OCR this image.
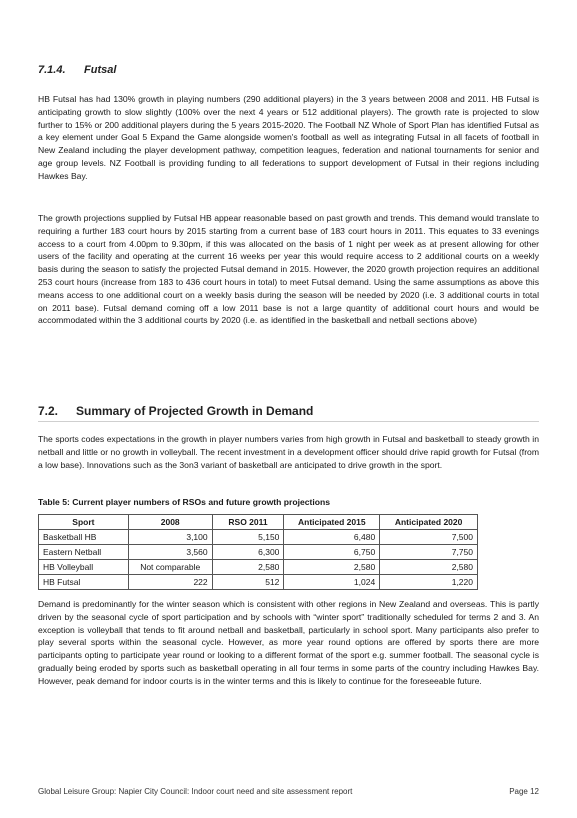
7.1.4. Futsal

HB Futsal has had 130% growth in playing numbers (290 additional players) in the 3 years between 2008 and 2011. HB Futsal is anticipating growth to slow slightly (100% over the next 4 years or 512 additional players). The growth rate is projected to slow further to 15% or 200 additional players during the 5 years 2015-2020. The Football NZ Whole of Sport Plan has identified Futsal as a key element under Goal 5 Expand the Game alongside women's football as well as integrating Futsal in all facets of football in New Zealand including the player development pathway, competition leagues, federation and national tournaments for senior and age group levels. NZ Football is providing funding to all federations to support development of Futsal in their regions including Hawkes Bay.

The growth projections supplied by Futsal HB appear reasonable based on past growth and trends. This demand would translate to requiring a further 183 court hours by 2015 starting from a current base of 183 court hours in 2011. This equates to 33 evenings access to a court from 4.00pm to 9.30pm, if this was allocated on the basis of 1 night per week as at present allowing for other users of the facility and operating at the current 16 weeks per year this would require access to 2 additional courts on a weekly basis during the season to satisfy the projected Futsal demand in 2015. However, the 2020 growth projection requires an additional 253 court hours (increase from 183 to 436 court hours in total) to meet Futsal demand. Using the same assumptions as above this means access to one additional court on a weekly basis during the season will be needed by 2020 (i.e. 3 additional courts in total on 2011 base). Futsal demand coming off a low 2011 base is not a large quantity of additional court hours and would be accommodated within the 3 additional courts by 2020 (i.e. as identified in the basketball and netball sections above)

7.2. Summary of Projected Growth in Demand

The sports codes expectations in the growth in player numbers varies from high growth in Futsal and basketball to steady growth in netball and little or no growth in volleyball. The recent investment in a development officer should drive rapid growth for Futsal (from a low base). Innovations such as the 3on3 variant of basketball are anticipated to drive growth in the sport.

Table 5: Current player numbers of RSOs and future growth projections
Sport	2008	RSO 2011	Anticipated 2015	Anticipated 2020
Basketball HB	3,100	5,150	6,480	7,500
Eastern Netball	3,560	6,300	6,750	7,750
HB Volleyball	Not comparable	2,580	2,580	2,580
HB Futsal	222	512	1,024	1,220

Demand is predominantly for the winter season which is consistent with other regions in New Zealand and overseas. This is partly driven by the seasonal cycle of sport participation and by schools with “winter sport” traditionally scheduled for terms 2 and 3. An exception is volleyball that tends to fit around netball and basketball, particularly in school sport. Many participants also prefer to play several sports within the seasonal cycle. However, as more year round options are offered by sports there are more participants opting to participate year round or looking to a different format of the sport e.g. summer football. The seasonal cycle is gradually being eroded by sports such as basketball operating in all four terms in some parts of the country including Hawkes Bay. However, peak demand for indoor courts is in the winter terms and this is likely to continue for the foreseeable future.

Global Leisure Group: Napier City Council: Indoor court need and site assessment report	Page 12
